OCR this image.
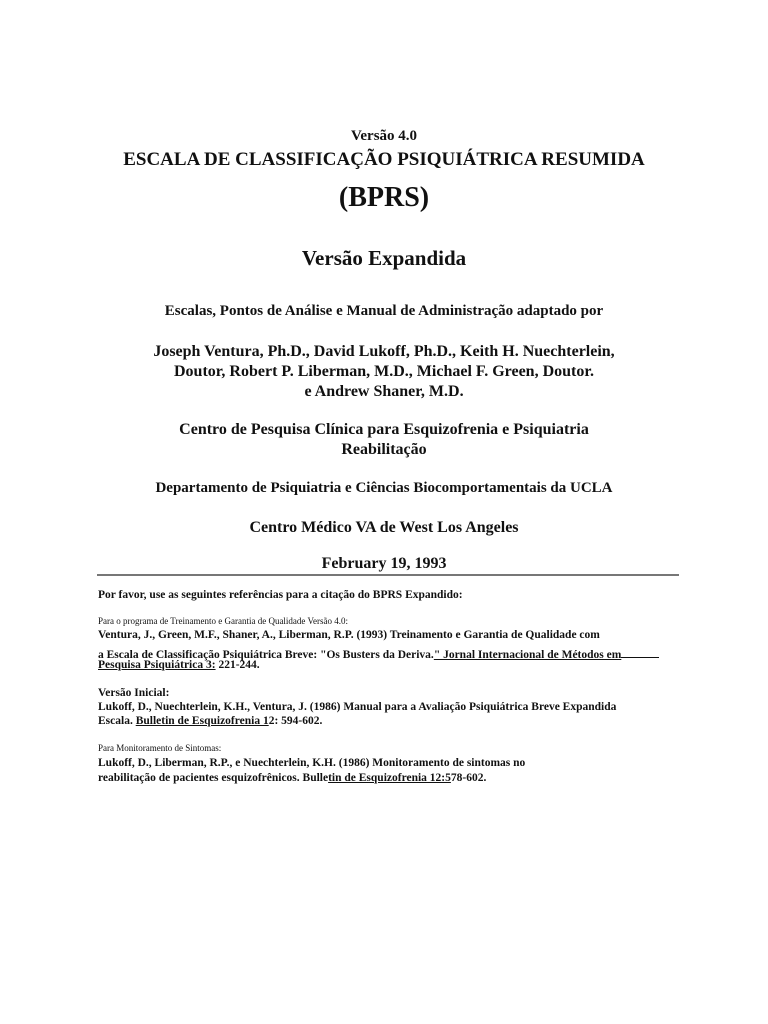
Versão 4.0
ESCALA DE CLASSIFICAÇÃO PSIQUIÁTRICA RESUMIDA
(BPRS)
Versão Expandida
Escalas, Pontos de Análise e Manual de Administração adaptado por
Joseph Ventura, Ph.D., David Lukoff, Ph.D., Keith H. Nuechterlein,
Doutor, Robert P. Liberman, M.D., Michael F. Green, Doutor.
e Andrew Shaner, M.D.
Centro de Pesquisa Clínica para Esquizofrenia e Psiquiatria
Reabilitação
Departamento de Psiquiatria e Ciências Biocomportamentais da UCLA
Centro Médico VA de West Los Angeles
February 19, 1993
Por favor, use as seguintes referências para a citação do BPRS Expandido:
Para o programa de Treinamento e Garantia de Qualidade Versão 4.0:
Ventura, J., Green, M.F., Shaner, A., Liberman, R.P. (1993) Treinamento e Garantia de Qualidade com
a Escala de Classificação Psiquiátrica Breve: "Os Busters da Deriva." Jornal Internacional de Métodos em
Pesquisa Psiquiátrica 3: 221-244.
Versão Inicial:
Lukoff, D., Nuechterlein, K.H., Ventura, J. (1986) Manual para a Avaliação Psiquiátrica Breve Expandida
Escala. Bulletin de Esquizofrenia 12: 594-602.
Para Monitoramento de Sintomas:
Lukoff, D., Liberman, R.P., e Nuechterlein, K.H. (1986) Monitoramento de sintomas no
reabilitação de pacientes esquizofrênicos. Bulletin de Esquizofrenia 12:578-602.
